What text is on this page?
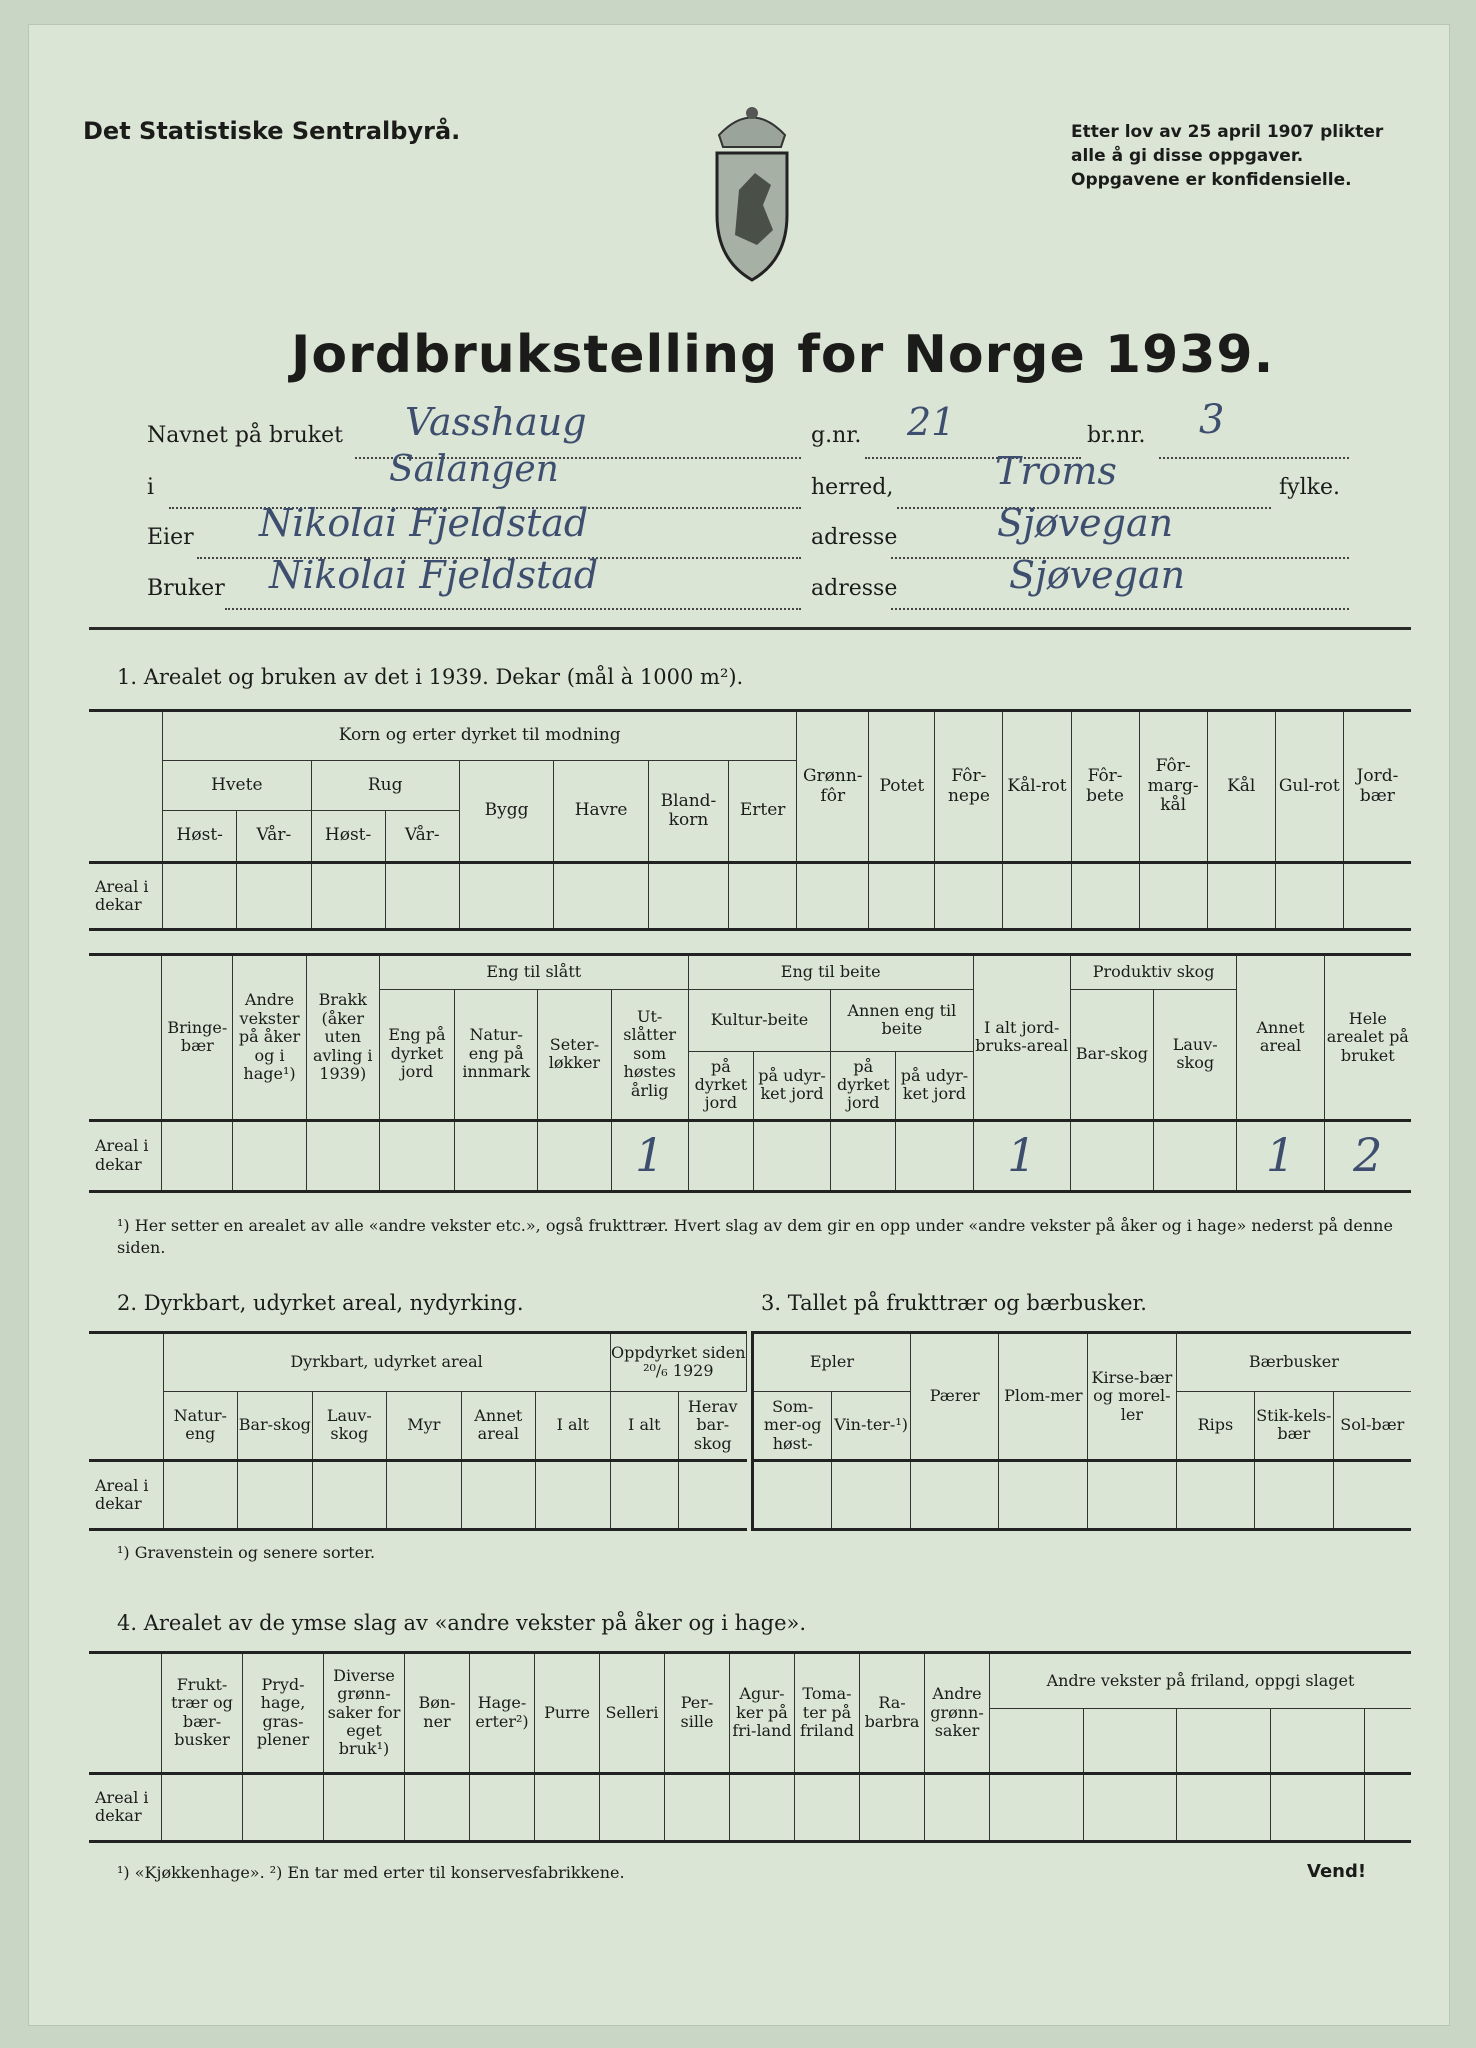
Det Statistiske Sentralbyrå.	Etter lov av 25 april 1907 plikter
alle å gi disse oppgaver.
Oppgavene er konfidensielle.
Jordbrukstelling for Norge 1939.
Navnet på bruket Vasshaug	g.nr. 21	br.nr. 3
i	Salangen	herred,	Troms	fylke.
Eier Nikolai Fjeldstad	adresse	Sjøvegan
Bruker Nikolai Fjeldstad	adresse	Sjøvegan
1. Arealet og bruken av det i 1939. Dekar (mål à 1000 m²).
	Korn og erter dyrket til modning								Grønn-fôr	Potet	Fôr-nepe	Kål-rot	Fôr-bete	Fôr-marg-kål	Kål	Gul-rot	Jord-bær
	Hvete		Rug		Bygg	Havre	Bland-korn	Erter									
	Høst-	Vår-	Høst-	Vår-													
Areal i dekar																	
	Bringe-bær	Andre vekster på åker og i hage¹)	Brakk (åker uten avling i 1939)	Eng til slått				Eng til beite				I alt jord-bruks-areal	Produktiv skog		Annet areal	Hele arealet på bruket
				Eng på dyrket jord	Natur-eng på innmark	Seter-løkker	Ut-slåtter som høstes årlig	Kultur-beite		Annen eng til beite			Bar-skog	Lauv-skog		
								på dyrket jord	på udyr-ket jord	på dyrket jord	på udyr-ket jord					
Areal i dekar							1					1			1	2
¹) Her setter en arealet av alle «andre vekster etc.», også frukttrær. Hvert slag av dem gir en opp under «andre vekster på åker og i hage» nederst på denne siden.
2. Dyrkbart, udyrket areal, nydyrking.	3. Tallet på frukttrær og bærbusker.
	Dyrkbart, udyrket areal						Oppdyrket siden ²⁰/₆ 1929	
	Natur-eng	Bar-skog	Lauv-skog	Myr	Annet areal	I alt	I alt	Herav bar-skog
Areal i dekar								
Epler		Pærer	Plom-mer	Kirse-bær og morel-ler	Bærbusker		
Som-mer-og høst-	Vin-ter-¹)				Rips	Stik-kels-bær	Sol-bær

¹) Gravenstein og senere sorter.
4. Arealet av de ymse slag av «andre vekster på åker og i hage».
	Frukt-trær og bær-busker	Pryd-hage, gras-plener	Diverse grønn-saker for eget bruk¹)	Bøn-ner	Hage-erter²)	Purre	Selleri	Per-sille	Agur-ker på fri-land	Toma-ter på friland	Ra-barbra	Andre grønn-saker	Andre vekster på friland, oppgi slaget				

Areal i dekar																	
¹) «Kjøkkenhage». ²) En tar med erter til konservesfabrikkene.	Vend!
